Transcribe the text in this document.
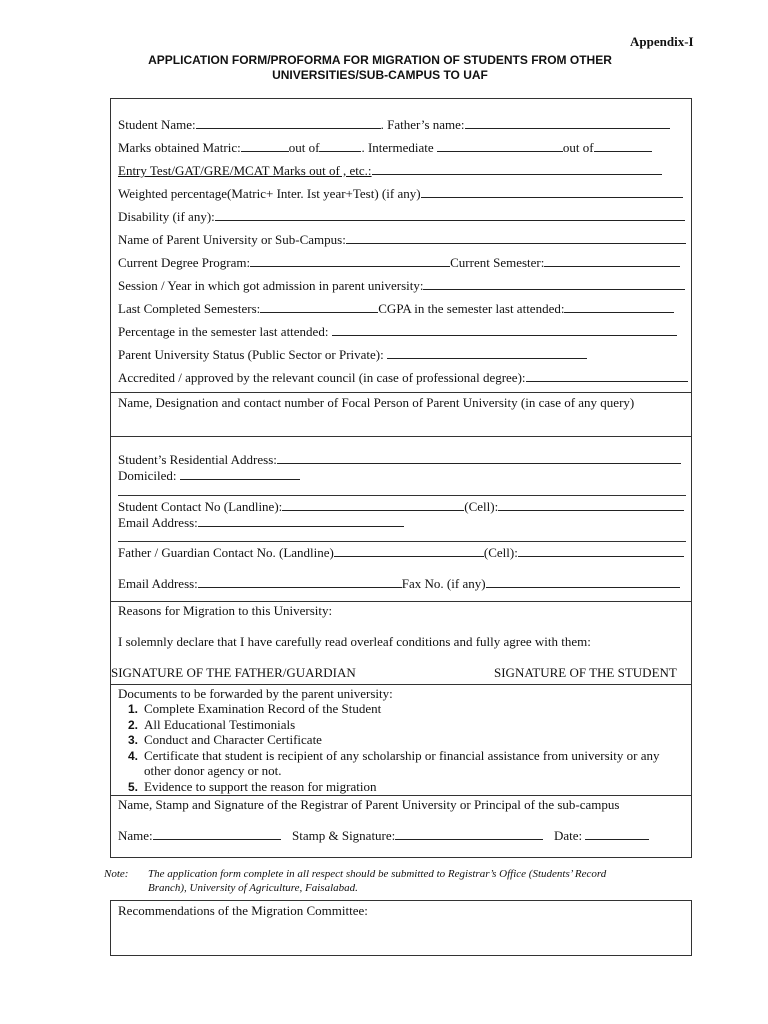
Appendix-I
APPLICATION FORM/PROFORMA FOR MIGRATION OF STUDENTS FROM OTHER
UNIVERSITIES/SUB-CAMPUS TO UAF
Student Name:	. Father’s name:
Marks obtained Matric:	out of	. Intermediate	out of
Entry Test/GAT/GRE/MCAT Marks out of , etc.:
Weighted percentage(Matric+ Inter. Ist year+Test) (if any)
Disability (if any):
Name of Parent University or Sub-Campus:
Current Degree Program:	Current Semester:
Session / Year in which got admission in parent university:
Last Completed Semesters:	CGPA in the semester last attended:
Percentage in the semester last attended:
Parent University Status (Public Sector or Private):
Accredited / approved by the relevant council (in case of professional degree):
Name, Designation and contact number of Focal Person of Parent University (in case of any query)
Student’s Residential Address:
Domiciled:
Student Contact No (Landline):	(Cell):
Email Address:
Father / Guardian Contact No. (Landline)	(Cell):
Email Address:	Fax No. (if any)
Reasons for Migration to this University:
I solemnly declare that I have carefully read overleaf conditions and fully agree with them:
SIGNATURE OF THE FATHER/GUARDIAN	SIGNATURE OF THE STUDENT
Documents to be forwarded by the parent university:
1. Complete Examination Record of the Student
2. All Educational Testimonials
3. Conduct and Character Certificate
4. Certificate that student is recipient of any scholarship or financial assistance from university or any
other donor agency or not.
5. Evidence to support the reason for migration
Name, Stamp and Signature of the Registrar of Parent University or Principal of the sub-campus
Name:	Stamp & Signature:	Date:
Note: The application form complete in all respect should be submitted to Registrar’s Office (Students’ Record
Branch), University of Agriculture, Faisalabad.
Recommendations of the Migration Committee:
